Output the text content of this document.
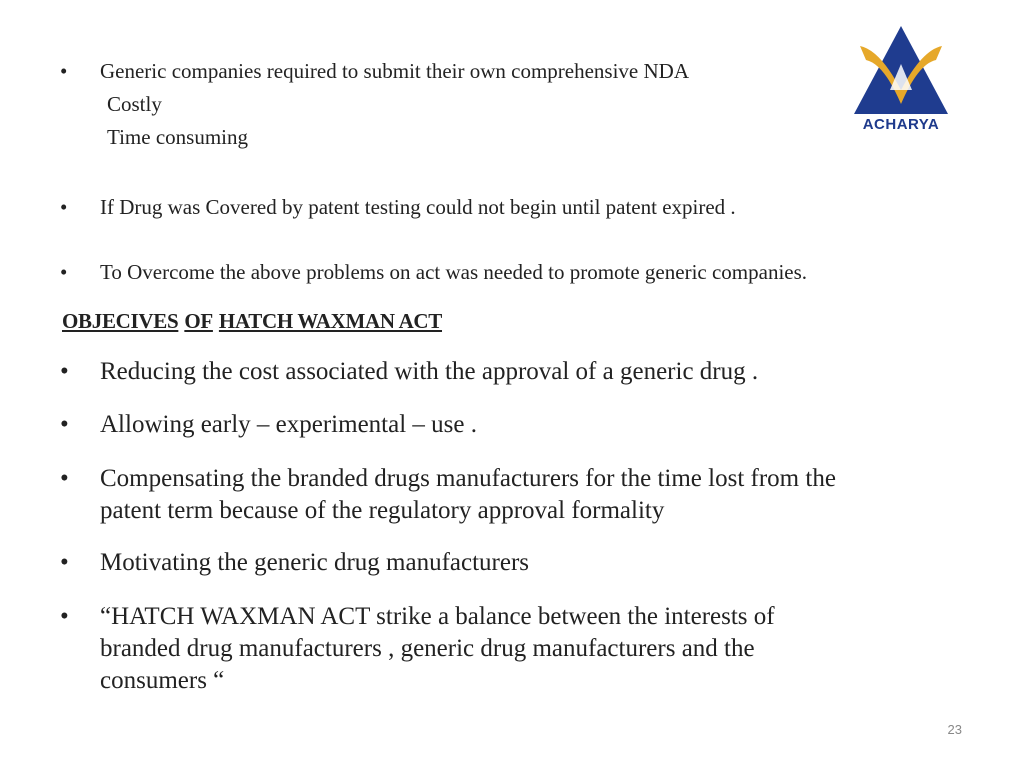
ACHARYA
•	Generic companies required to submit their own comprehensive NDA
Costly
Time consuming
•	If Drug was Covered by patent testing could not begin until patent expired .
•	To Overcome the above problems on act was needed to promote generic companies.
OBJECIVES OF HATCH WAXMAN ACT
•	Reducing the cost associated with the approval of a generic drug .
•	Allowing early – experimental – use .
•	Compensating the branded drugs manufacturers for the time lost from the
patent term because of the regulatory approval formality
•	Motivating the generic drug manufacturers
•	“HATCH WAXMAN ACT strike a balance between the interests of
branded drug manufacturers , generic drug manufacturers and the
consumers “
23
